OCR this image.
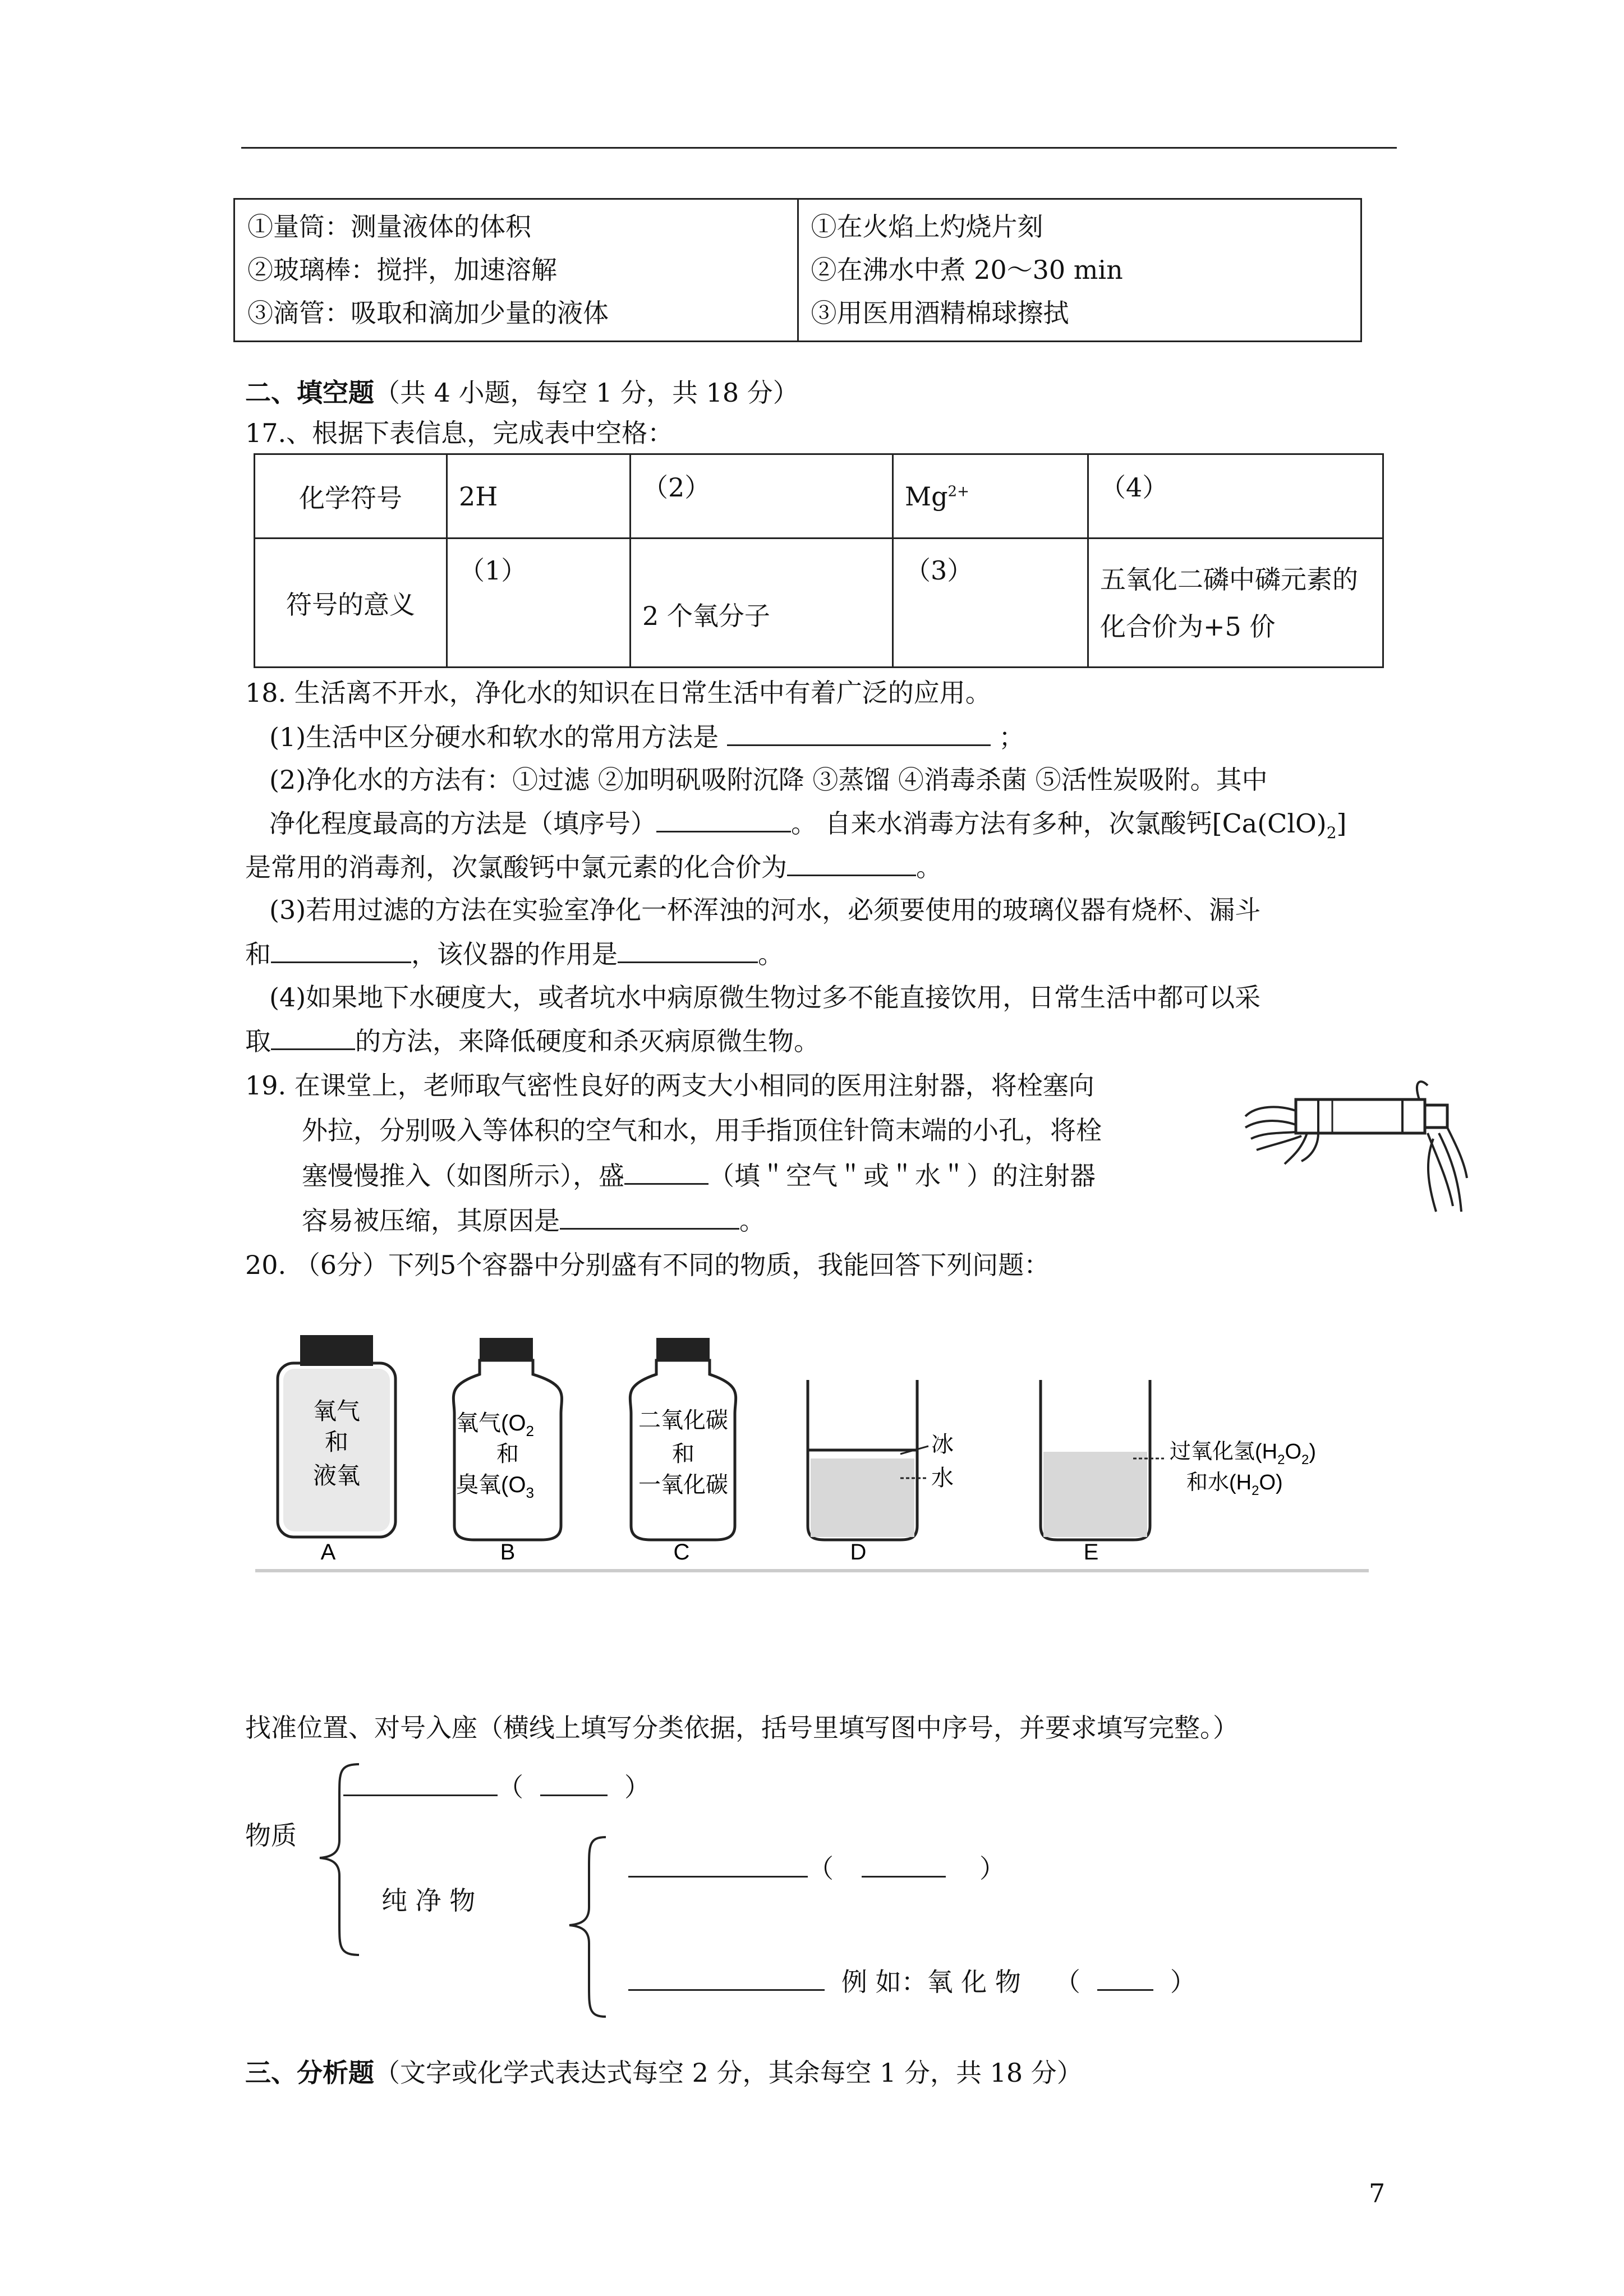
①量筒：测量液体的体积
②玻璃棒：搅拌，加速溶解
③滴管：吸取和滴加少量的液体

①在火焰上灼烧片刻
②在沸水中煮 20～30 min
③用医用酒精棉球擦拭
二、填空题（共 4 小题，每空 1 分，共 18 分）
17.、根据下表信息，完成表中空格：
化学符号	2H	（2）	$Mg^{2+}$	（4）
符号的意义	（1）	2 个氧分子	（3）	五氧化二磷中磷元素的
化合价为+5 价
18. 生活离不开水，净化水的知识在日常生活中有着广泛的应用。
(1)生活中区分硬水和软水的常用方法是	；
(2)净化水的方法有：①过滤 ②加明矾吸附沉降 ③蒸馏 ④消毒杀菌 ⑤活性炭吸附。其中
净化程度最高的方法是（填序号）	。 自来水消毒方法有多种，次氯酸钙$[Ca(ClO)_2]$
是常用的消毒剂，次氯酸钙中氯元素的化合价为	。
(3)若用过滤的方法在实验室净化一杯浑浊的河水，必须要使用的玻璃仪器有烧杯、漏斗
和	，该仪器的作用是	。
(4)如果地下水硬度大，或者坑水中病原微生物过多不能直接饮用，日常生活中都可以采
取	的方法，来降低硬度和杀灭病原微生物。
19. 在课堂上，老师取气密性良好的两支大小相同的医用注射器，将栓塞向
外拉，分别吸入等体积的空气和水，用手指顶住针筒末端的小孔，将栓
塞慢慢推入（如图所示），盛	（填＂空气＂或＂水＂）的注射器
容易被压缩，其原因是	。
20. （6分）下列5个容器中分别盛有不同的物质，我能回答下列问题：
氧气
和
液氧
A
氧气($O_2$
和
臭氧($O_3$
B
二氧化碳
和
一氧化碳
C
冰
水
D
过氧化氢$(H_2O_2)$
和水$(H_2O)$
E
找准位置、对号入座（横线上填写分类依据，括号里填写图中序号，并要求填写完整。）
物质
（	）
纯 净 物
（	）
例 如：氧 化 物 （	）
三、分析题（文字或化学式表达式每空 2 分，其余每空 1 分，共 18 分）
7
